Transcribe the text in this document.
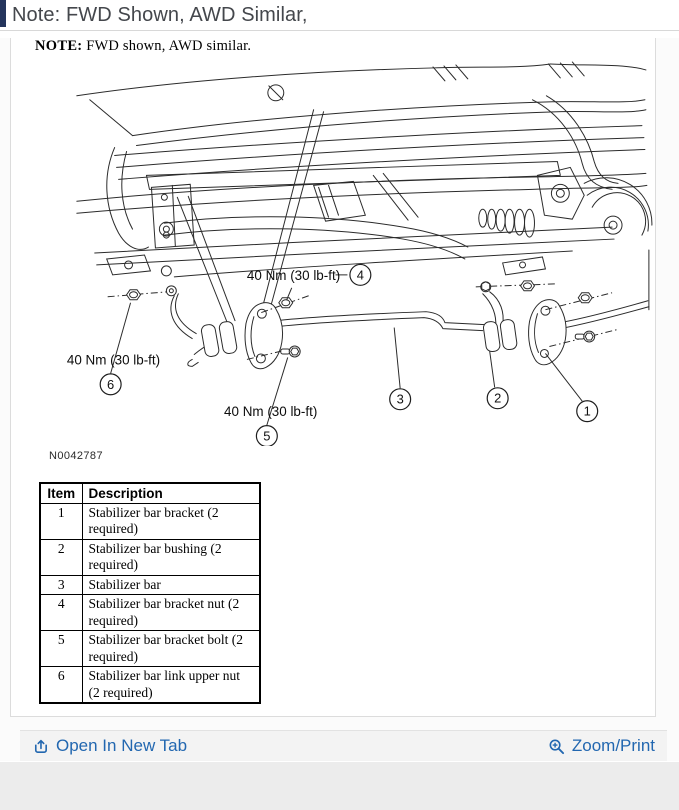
Note: FWD Shown, AWD Similar,
NOTE: FWD shown, AWD similar.
40 Nm (30 lb-ft)
40 Nm (30 lb-ft)
40 Nm (30 lb-ft)	1
2
3
4
5
6
N0042787
Item	Description
1	Stabilizer bar bracket (2 required)
2	Stabilizer bar bushing (2 required)
3	Stabilizer bar
4	Stabilizer bar bracket nut (2 required)
5	Stabilizer bar bracket bolt (2 required)
6	Stabilizer bar link upper nut (2 required)
Open In New Tab	Zoom/Print
